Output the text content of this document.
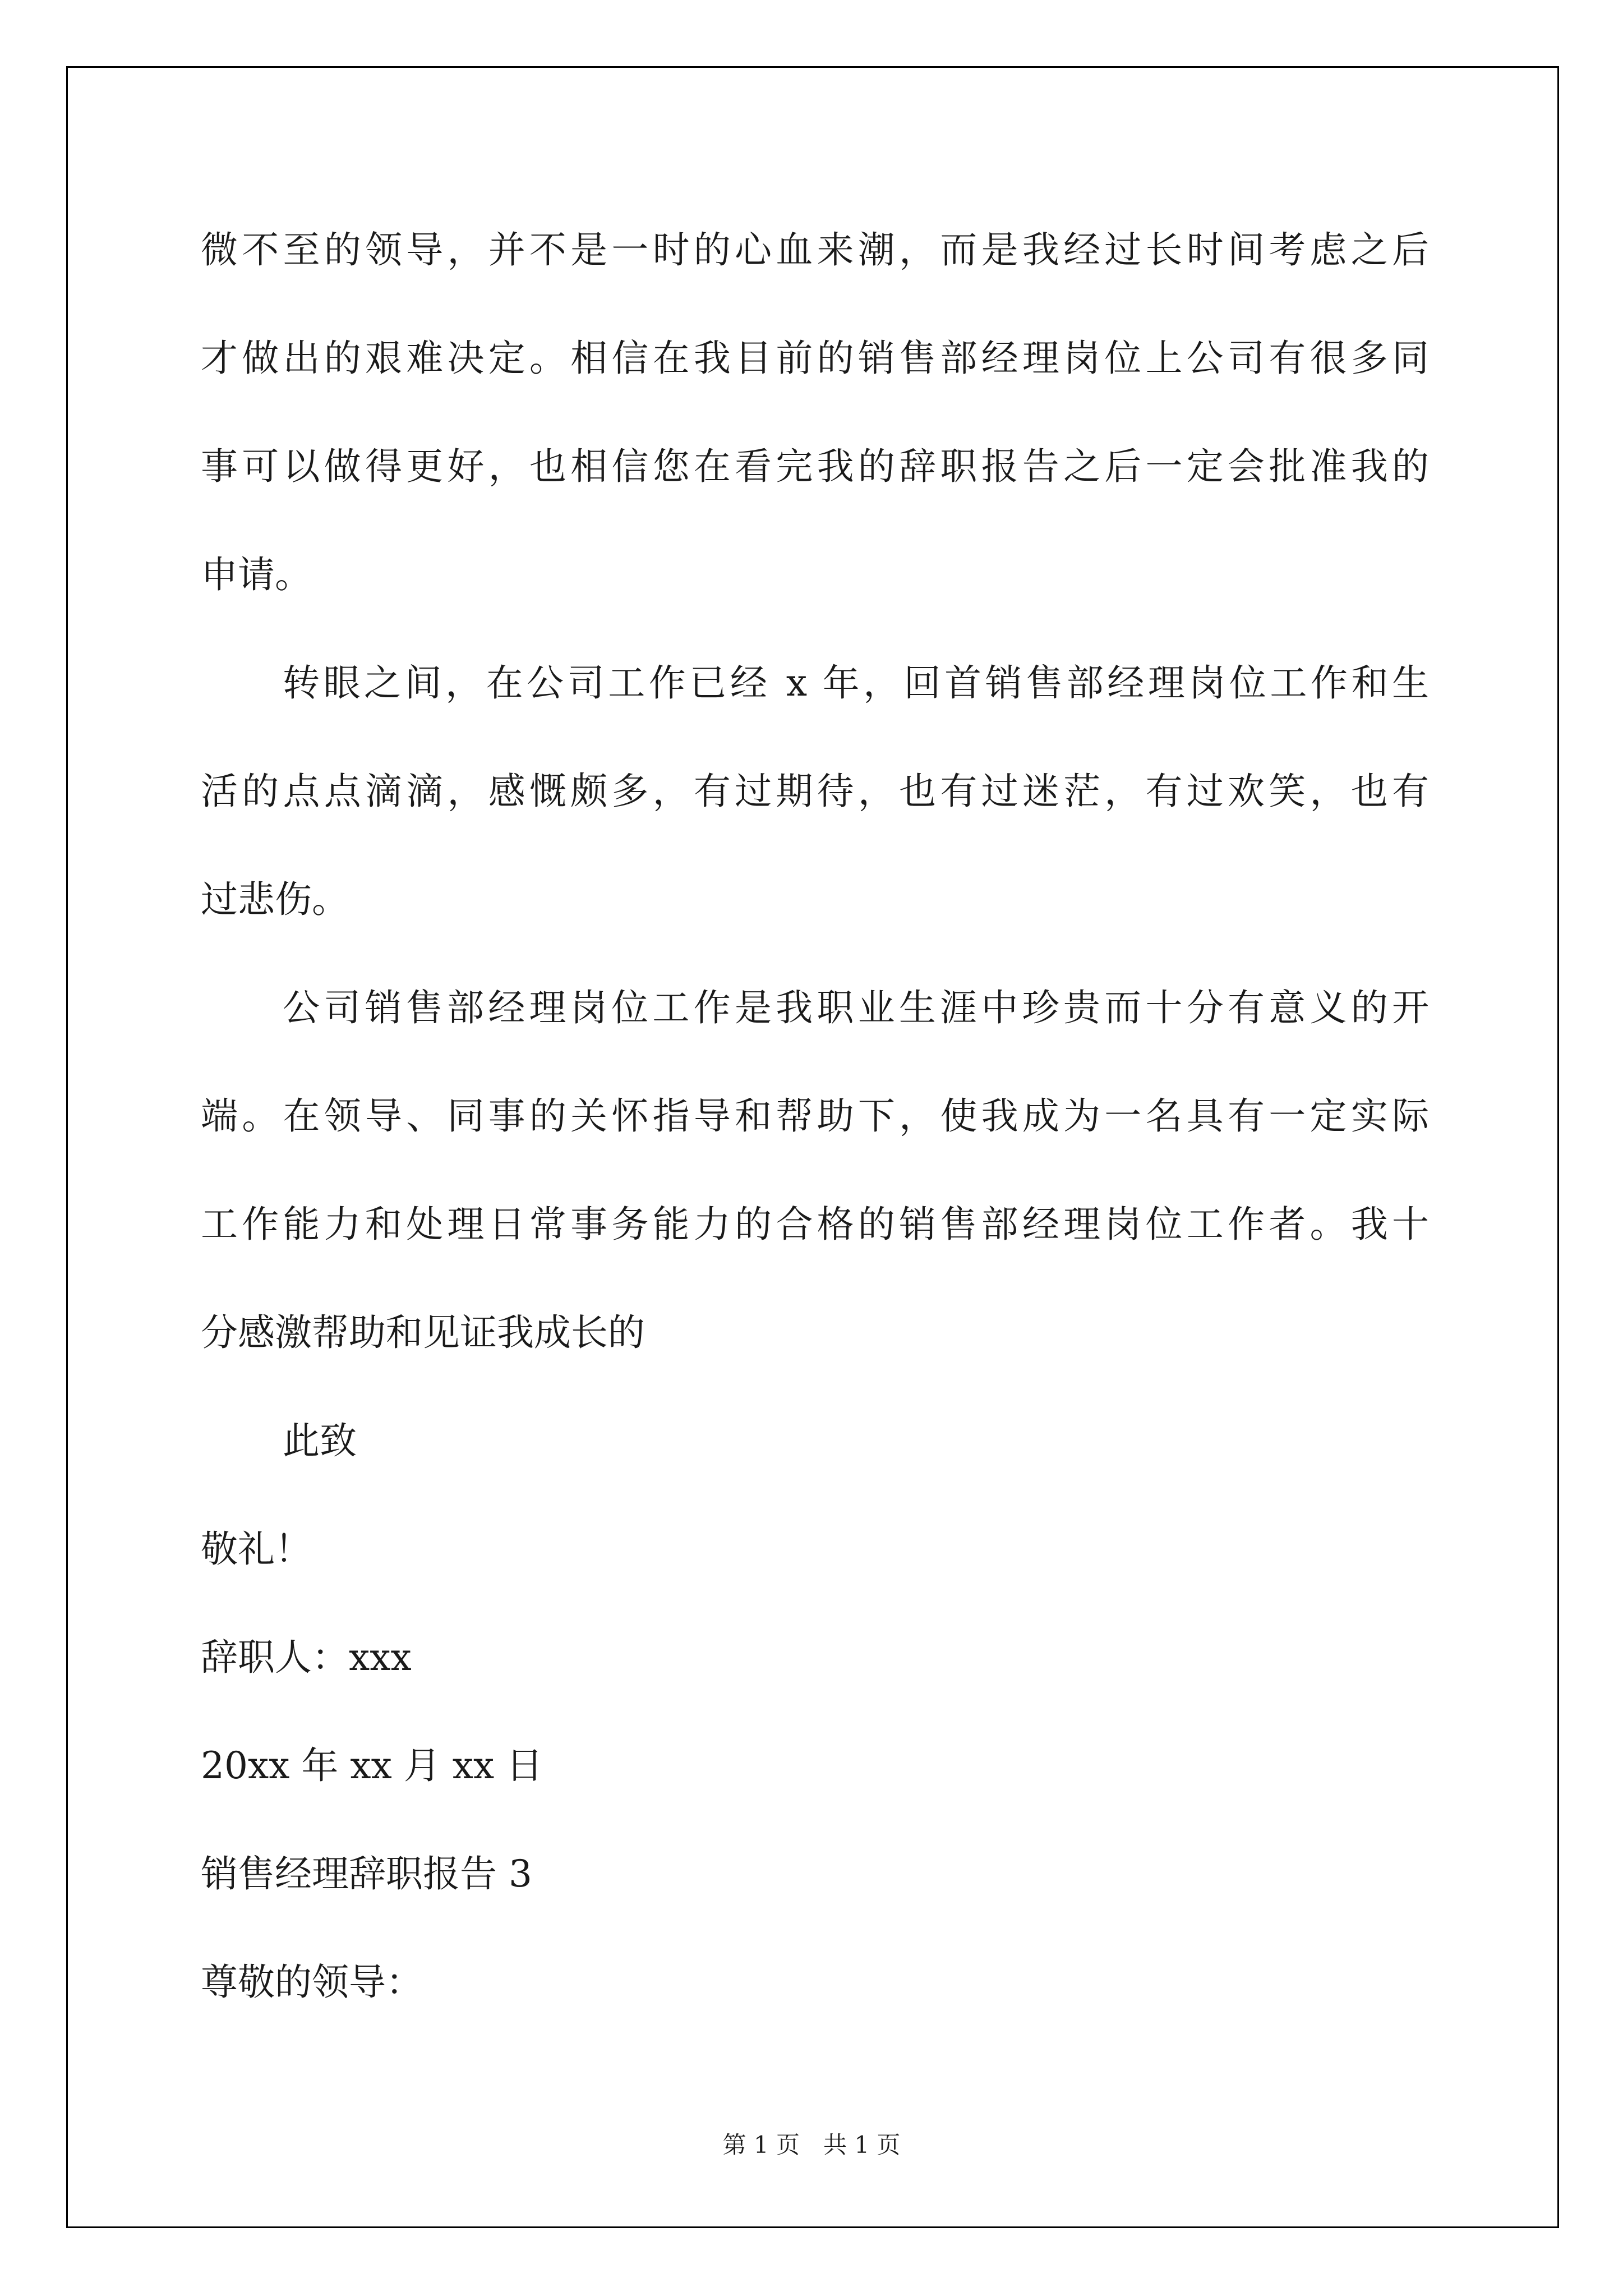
微不至的领导，并不是一时的心血来潮，而是我经过长时间考虑之后
才做出的艰难决定。相信在我目前的销售部经理岗位上公司有很多同
事可以做得更好，也相信您在看完我的辞职报告之后一定会批准我的
申请。
转眼之间，在公司工作已经 x 年，回首销售部经理岗位工作和生
活的点点滴滴，感慨颇多，有过期待，也有过迷茫，有过欢笑，也有
过悲伤。
公司销售部经理岗位工作是我职业生涯中珍贵而十分有意义的开
端。在领导、同事的关怀指导和帮助下，使我成为一名具有一定实际
工作能力和处理日常事务能力的合格的销售部经理岗位工作者。我十
分感激帮助和见证我成长的
此致
敬礼！
辞职人：xxx
20xx 年 xx 月 xx 日
销售经理辞职报告 3
尊敬的领导：
第 1 页 共 1 页
